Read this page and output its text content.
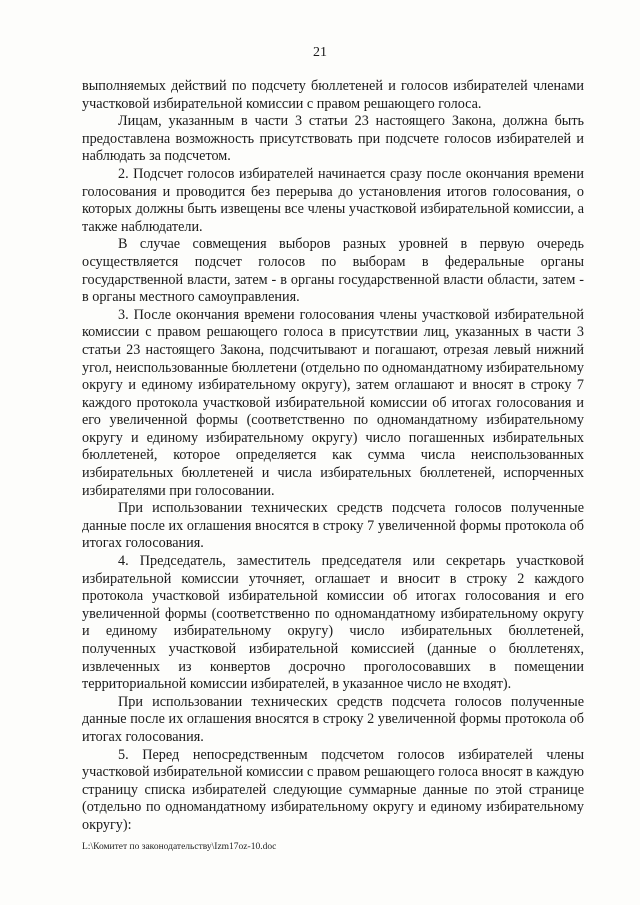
21

выполняемых действий по подсчету бюллетеней и голосов избирателей членами участковой избирательной комиссии с правом решающего голоса.

Лицам, указанным в части 3 статьи 23 настоящего Закона, должна быть предоставлена возможность присутствовать при подсчете голосов избирателей и наблюдать за подсчетом.

2. Подсчет голосов избирателей начинается сразу после окончания времени голосования и проводится без перерыва до установления итогов голосования, о которых должны быть извещены все члены участковой избирательной комиссии, а также наблюдатели.

В случае совмещения выборов разных уровней в первую очередь осуществляется подсчет голосов по выборам в федеральные органы государственной власти, затем - в органы государственной власти области, затем - в органы местного самоуправления.

3. После окончания времени голосования члены участковой избирательной комиссии с правом решающего голоса в присутствии лиц, указанных в части 3 статьи 23 настоящего Закона, подсчитывают и погашают, отрезая левый нижний угол, неиспользованные бюллетени (отдельно по одномандатному избирательному округу и единому избирательному округу), затем оглашают и вносят в строку 7 каждого протокола участковой избирательной комиссии об итогах голосования и его увеличенной формы (соответственно по одномандатному избирательному округу и единому избирательному округу) число погашенных избирательных бюллетеней, которое определяется как сумма числа неиспользованных избирательных бюллетеней и числа избирательных бюллетеней, испорченных избирателями при голосовании.

При использовании технических средств подсчета голосов полученные данные после их оглашения вносятся в строку 7 увеличенной формы протокола об итогах голосования.

4. Председатель, заместитель председателя или секретарь участковой избирательной комиссии уточняет, оглашает и вносит в строку 2 каждого протокола участковой избирательной комиссии об итогах голосования и его увеличенной формы (соответственно по одномандатному избирательному округу и единому избирательному округу) число избирательных бюллетеней, полученных участковой избирательной комиссией (данные о бюллетенях, извлеченных из конвертов досрочно проголосовавших в помещении территориальной комиссии избирателей, в указанное число не входят).

При использовании технических средств подсчета голосов полученные данные после их оглашения вносятся в строку 2 увеличенной формы протокола об итогах голосования.

5. Перед непосредственным подсчетом голосов избирателей члены участковой избирательной комиссии с правом решающего голоса вносят в каждую страницу списка избирателей следующие суммарные данные по этой странице (отдельно по одномандатному избирательному округу и единому избирательному округу):

L:\Комитет по законодательству\Izm17oz-10.doc
